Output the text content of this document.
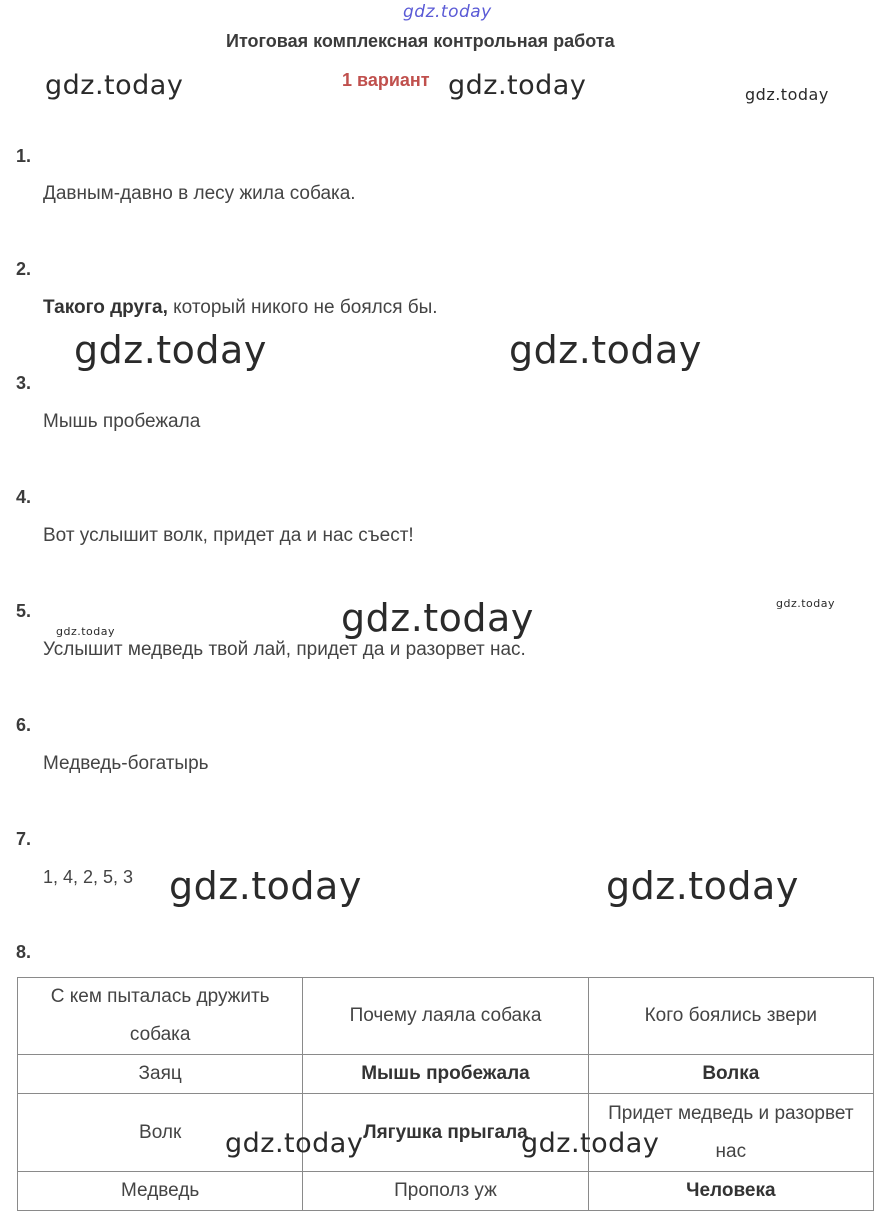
gdz.today
gdz.today	gdz.today	gdz.today
gdz.today	gdz.today
gdz.today
gdz.today
gdz.today
gdz.today	gdz.today
Итоговая комплексная контрольная работа
1 вариант
1.
Давным-давно в лесу жила собака.
2.
Такого друга, который никого не боялся бы.
3.
Мышь пробежала
4.
Вот услышит волк, придет да и нас съест!
5.
Услышит медведь твой лай, придет да и разорвет нас.
6.
Медведь-богатырь
7.
1, 4, 2, 5, 3
8.
С кем пыталась дружить собака	Почему лаяла собака	Кого боялись звери
Заяц	Мышь пробежала	Волка
Волк	Лягушка прыгала	Придет медведь и разорвет нас
Медведь	Прополз уж	Человека
gdz.today	gdz.today
